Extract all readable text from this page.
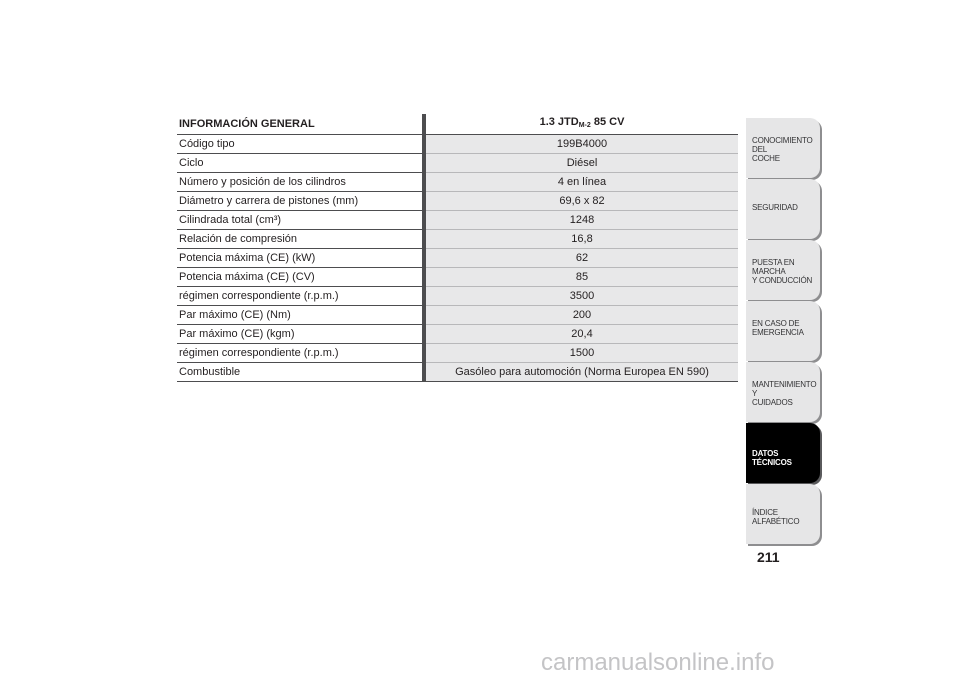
INFORMACIÓN GENERAL		1.3 $JTD_{M-2}$ 85 CV
Código tipo		199B4000
Ciclo		Diésel
Número y posición de los cilindros		4 en línea
Diámetro y carrera de pistones (mm)		69,6 x 82
Cilindrada total (cm³)		1248
Relación de compresión		16,8
Potencia máxima (CE) (kW)		62
Potencia máxima (CE) (CV)		85
régimen correspondiente (r.p.m.)		3500
Par máximo (CE) (Nm)		200
Par máximo (CE) (kgm)		20,4
régimen correspondiente (r.p.m.)		1500
Combustible		Gasóleo para automoción (Norma Europea EN 590)
CONOCIMIENTO DEL
COCHE
SEGURIDAD
PUESTA EN MARCHA
Y CONDUCCIÓN
EN CASO DE
EMERGENCIA
MANTENIMIENTO Y
CUIDADOS
DATOS TÉCNICOS
ÍNDICE ALFABÉTICO
211
carmanualsonline.info
